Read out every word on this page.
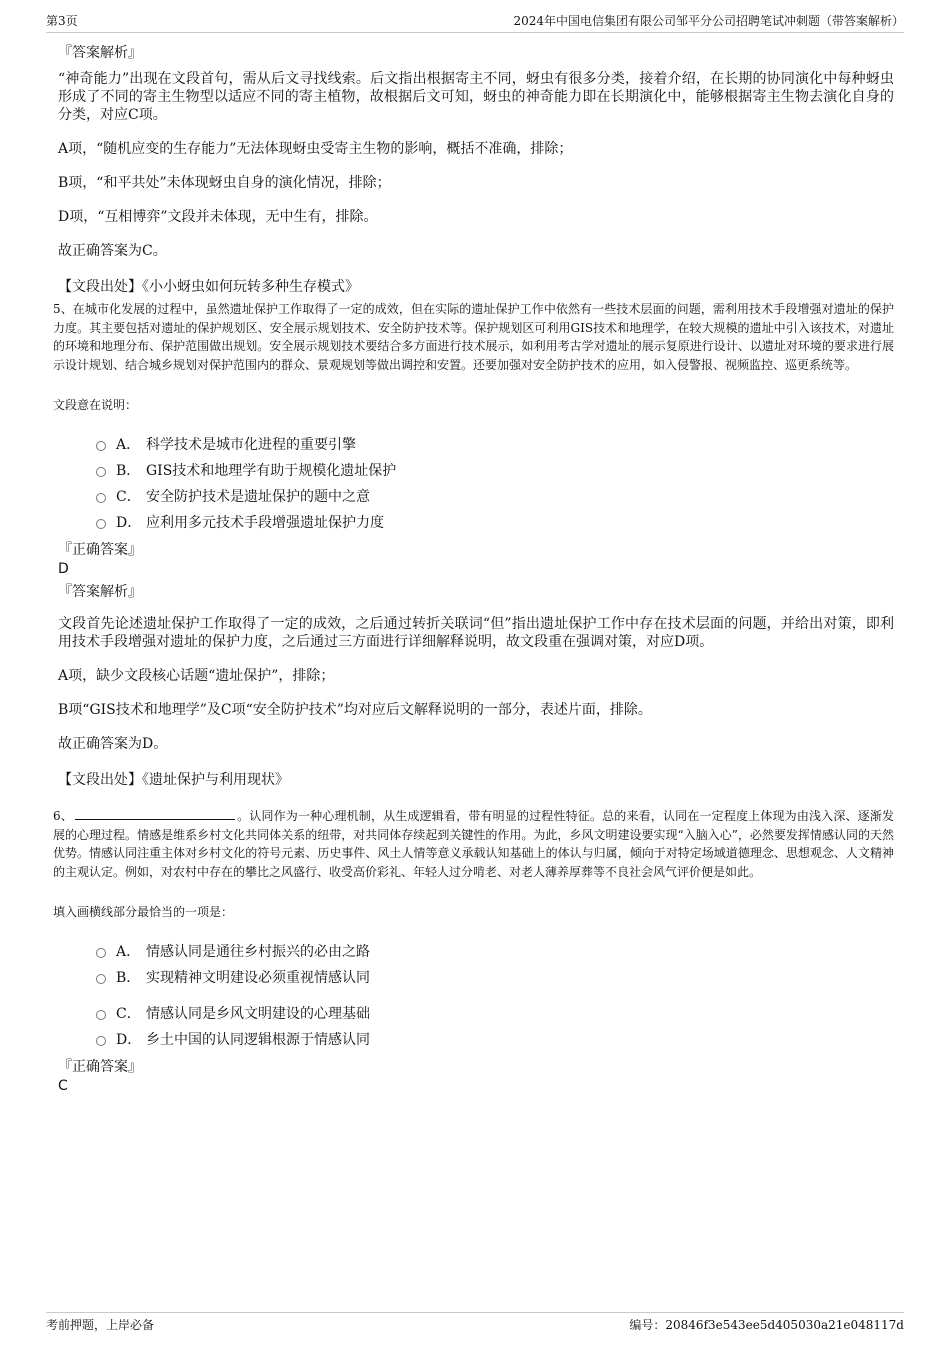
第3页	2024年中国电信集团有限公司邹平分公司招聘笔试冲刺题（带答案解析）
『答案解析』

“神奇能力”出现在文段首句，需从后文寻找线索。后文指出根据寄主不同，蚜虫有很多分类，接着介绍，在长期的协同演化中每种蚜虫形成了不同的寄主生物型以适应不同的寄主植物，故根据后文可知，蚜虫的神奇能力即在长期演化中，能够根据寄主生物去演化自身的分类，对应C项。

A项，“随机应变的生存能力”无法体现蚜虫受寄主生物的影响，概括不准确，排除；

B项，“和平共处”未体现蚜虫自身的演化情况，排除；

D项，“互相博弈”文段并未体现，无中生有，排除。

故正确答案为C。

【文段出处】《小小蚜虫如何玩转多种生存模式》

5、在城市化发展的过程中，虽然遗址保护工作取得了一定的成效，但在实际的遗址保护工作中依然有一些技术层面的问题，需利用技术手段增强对遗址的保护力度。其主要包括对遗址的保护规划区、安全展示规划技术、安全防护技术等。保护规划区可利用GIS技术和地理学，在较大规模的遗址中引入该技术，对遗址的环境和地理分布、保护范围做出规划。安全展示规划技术要结合多方面进行技术展示，如利用考古学对遗址的展示复原进行设计、以遗址对环境的要求进行展示设计规划、结合城乡规划对保护范围内的群众、景观规划等做出调控和安置。还要加强对安全防护技术的应用，如入侵警报、视频监控、巡更系统等。

文段意在说明：
A． 科学技术是城市化进程的重要引擎
B． GIS技术和地理学有助于规模化遗址保护
C． 安全防护技术是遗址保护的题中之意
D． 应利用多元技术手段增强遗址保护力度
『正确答案』
D
『答案解析』

文段首先论述遗址保护工作取得了一定的成效，之后通过转折关联词“但”指出遗址保护工作中存在技术层面的问题，并给出对策，即利用技术手段增强对遗址的保护力度，之后通过三方面进行详细解释说明，故文段重在强调对策，对应D项。

A项，缺少文段核心话题“遗址保护”，排除；

B项“GIS技术和地理学”及C项“安全防护技术”均对应后文解释说明的一部分，表述片面，排除。

故正确答案为D。

【文段出处】《遗址保护与利用现状》

6、	。认同作为一种心理机制，从生成逻辑看，带有明显的过程性特征。总的来看，认同在一定程度上体现为由浅入深、逐渐发展的心理过程。情感是维系乡村文化共同体关系的纽带，对共同体存续起到关键性的作用。为此，乡风文明建设要实现“入脑入心”，必然要发挥情感认同的天然优势。情感认同注重主体对乡村文化的符号元素、历史事件、风土人情等意义承载认知基础上的体认与归属，倾向于对特定场域道德理念、思想观念、人文精神的主观认定。例如，对农村中存在的攀比之风盛行、收受高价彩礼、年轻人过分啃老、对老人薄养厚葬等不良社会风气评价便是如此。

填入画横线部分最恰当的一项是：
A． 情感认同是通往乡村振兴的必由之路
B． 实现精神文明建设必须重视情感认同
C． 情感认同是乡风文明建设的心理基础
D． 乡土中国的认同逻辑根源于情感认同
『正确答案』
C
考前押题，上岸必备	编号：20846f3e543ee5d405030a21e048117d
